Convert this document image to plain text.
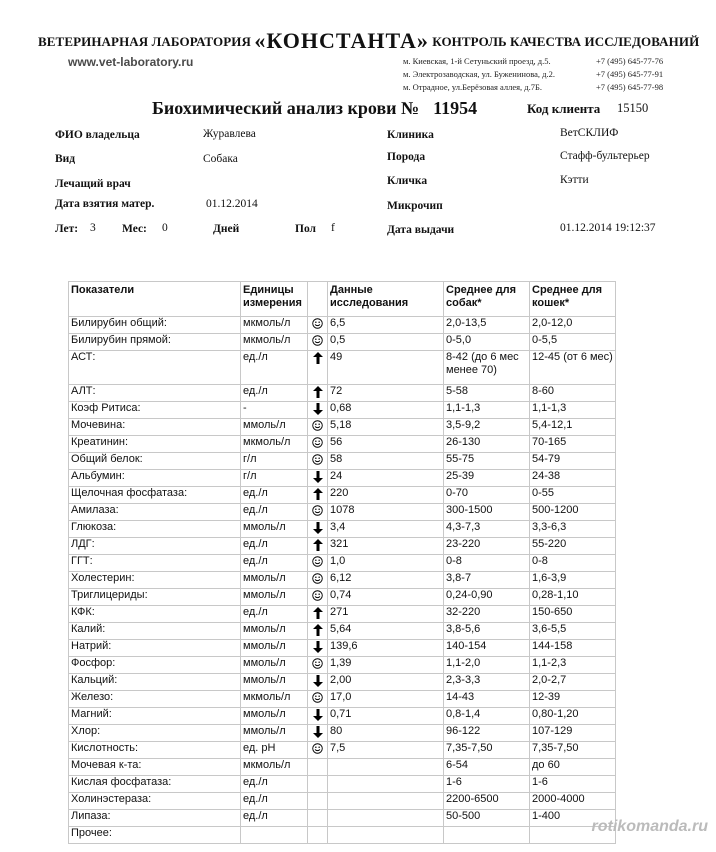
ВЕТЕРИНАРНАЯ ЛАБОРАТОРИЯ «КОНСТАНТА» КОНТРОЛЬ КАЧЕСТВА ИССЛЕДОВАНИЙ
www.vet-laboratory.ru	м. Киевская, 1-й Сетуньский проезд, д.5.	+7 (495) 645-77-76
м. Электрозаводская, ул. Буженинова, д.2.	+7 (495) 645-77-91
м. Отрадное, ул.Берёзовая аллея, д.7Б.	+7 (495) 645-77-98
Биохимический анализ крови № 11954	Код клиента 15150
ФИО владельца	Журавлева	Клиника	ВетСКЛИФ
Вид	Собака	Порода	Стафф-бультерьер
Лечащий врач	Кличка	Кэтти
Дата взятия матер.	01.12.2014	Микрочип
Лет: 3 Мес: 0	Дней	Пол f	Дата выдачи	01.12.2014 19:12:37
Показатели	Единицы измерения		Данные исследования	Среднее для собак*	Среднее для кошек*
Билирубин общий:	мкмоль/л		6,5	2,0-13,5	2,0-12,0
Билирубин прямой:	мкмоль/л		0,5	0-5,0	0-5,5
АСТ:	ед./л		49	8-42 (до 6 мес менее 70)	12-45 (от 6 мес)
АЛТ:	ед./л		72	5-58	8-60
Коэф Ритиса:	-		0,68	1,1-1,3	1,1-1,3
Мочевина:	ммоль/л		5,18	3,5-9,2	5,4-12,1
Креатинин:	мкмоль/л		56	26-130	70-165
Общий белок:	г/л		58	55-75	54-79
Альбумин:	г/л		24	25-39	24-38
Щелочная фосфатаза:	ед./л		220	0-70	0-55
Амилаза:	ед./л		1078	300-1500	500-1200
Глюкоза:	ммоль/л		3,4	4,3-7,3	3,3-6,3
ЛДГ:	ед./л		321	23-220	55-220
ГГТ:	ед./л		1,0	0-8	0-8
Холестерин:	ммоль/л		6,12	3,8-7	1,6-3,9
Триглицериды:	ммоль/л		0,74	0,24-0,90	0,28-1,10
КФК:	ед./л		271	32-220	150-650
Калий:	ммоль/л		5,64	3,8-5,6	3,6-5,5
Натрий:	ммоль/л		139,6	140-154	144-158
Фосфор:	ммоль/л		1,39	1,1-2,0	1,1-2,3
Кальций:	ммоль/л		2,00	2,3-3,3	2,0-2,7
Железо:	мкмоль/л		17,0	14-43	12-39
Магний:	ммоль/л		0,71	0,8-1,4	0,80-1,20
Хлор:	ммоль/л		80	96-122	107-129
Кислотность:	ед. pH		7,5	7,35-7,50	7,35-7,50
Мочевая к-та:	мкмоль/л			6-54	до 60
Кислая фосфатаза:	ед./л			1-6	1-6
Холинэстераза:	ед./л			2200-6500	2000-4000
Липаза:	ед./л			50-500	1-400
Прочее:						rotikomanda.ru
